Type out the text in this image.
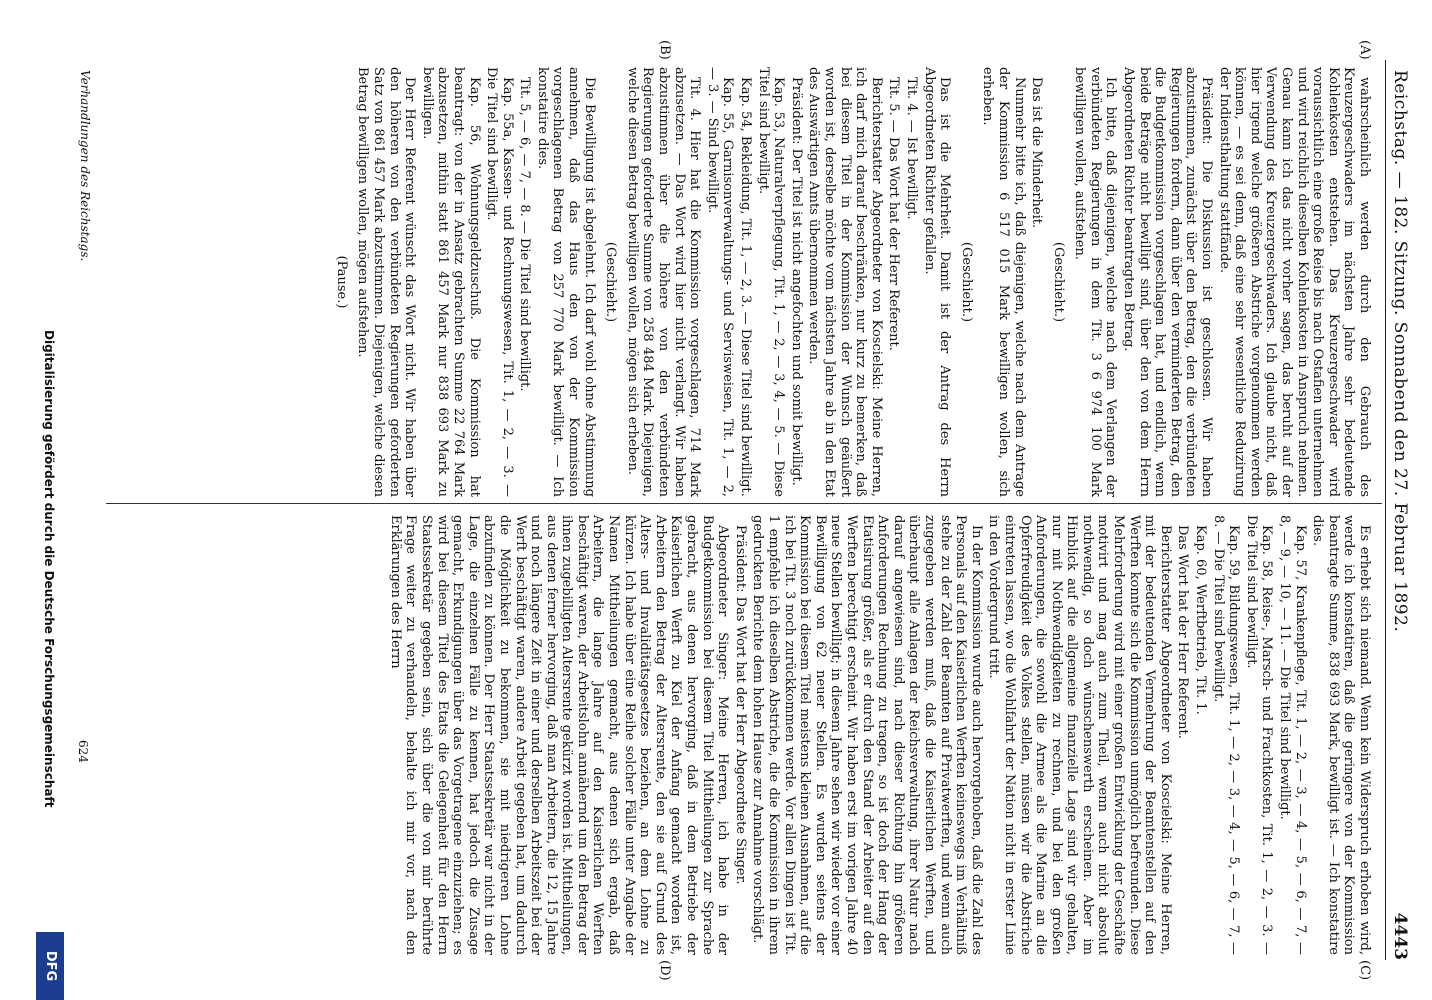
Reichstag. — 182. Sitzung. Sonnabend den 27. Februar 1892.
4443
(A)
(B)
(C)
(D)

wahrscheinlich werden durch den Gebrauch des Kreuzergeschwaders im nächsten Jahre sehr bedeutende Kohlenkosten entstehen. Das Kreuzergeschwader wird voraussichtlich eine große Reise bis nach Ostafien unternehmen und wird reichlich dieselben Kohlenkosten in Anspruch nehmen. Genau kann ich das nicht vorher sagen, das beruht auf der Verwendung des Kreuzergeschwaders. Ich glaube nicht, daß hier irgend welche größeren Abstriche vorgenommen werden können, — es sei denn, daß eine sehr wesentliche Reduzirung der Indiensthaltung stattfände.

Präsident: Die Diskussion ist geschlossen. Wir haben abzustimmen, zunächst über den Betrag, den die verbündeten Regierungen fordern, dann über den verminderten Betrag, den die Budgetkommission vorgeschlagen hat, und endlich, wenn beide Beträge nicht bewilligt sind, über den von dem Herrn Abgeordneten Richter beantragten Betrag.

Ich bitte, daß diejenigen, welche nach dem Verlangen der verbündeten Regierungen in dem Tit. 3 6 974 100 Mark bewilligen wollen, aufstehen.

(Geschieht.)

Das ist die Minderheit.

Nunmehr bitte ich, daß diejenigen, welche nach dem Antrage der Kommission 6 517 015 Mark bewilligen wollen, sich erheben.

(Geschieht.)

Das ist die Mehrheit. Damit ist der Antrag des Herrn Abgeordneten Richter gefallen.

Tit. 4. — Ist bewilligt.

Tit. 5. — Das Wort hat der Herr Referent.

Berichterstatter Abgeordneter von Koscielski: Meine Herren, ich darf mich darauf beschränken, nur kurz zu bemerken, daß bei diesem Titel in der Kommission der Wunsch geäußert worden ist, derselbe möchte vom nächsten Jahre ab in den Etat des Auswärtigen Amts übernommen werden.

Präsident: Der Titel ist nicht angefochten und somit bewilligt.

Kap. 53, Naturalverpflegung, Tit. 1, — 2, — 3, 4, — 5. — Diese Titel sind bewilligt.

Kap. 54, Bekleidung, Tit. 1, — 2, 3. — Diese Titel sind bewilligt.

Kap. 55, Garnisonverwaltungs- und Servisweisen, Tit. 1, — 2, — 3. — Sind bewilligt.

Tit. 4. Hier hat die Kommission vorgeschlagen, 714 Mark abzusetzen. — Das Wort wird hier nicht verlangt. Wir haben abzustimmen über die höhere von den verbündeten Regierungen geforderte Summe von 258 484 Mark. Diejenigen, welche diesen Betrag bewilligen wollen, mögen sich erheben.

(Geschieht.)

Die Bewilligung ist abgelehnt. Ich darf wohl ohne Abstimmung annehmen, daß das Haus den von der Kommission vorgeschlagenen Betrag von 257 770 Mark bewilligt. — Ich konstatire dies.

Tit. 5, — 6, — 7, — 8. — Die Titel sind bewilligt.

Kap. 55a, Kassen- und Rechnungswesen, Tit. 1, — 2, — 3. — Die Titel sind bewilligt.

Kap. 56, Wohnungsgeldzuschuß. Die Kommission hat beantragt: von der in Ansatz gebrachten Summe 22 764 Mark abzusetzen, mithin statt 861 457 Mark nur 838 693 Mark zu bewilligen.

Der Herr Referent wünscht das Wort nicht. Wir haben über den höheren von den verbündeten Regierungen geforderten Satz von 861 457 Mark abzustimmen. Diejenigen, welche diesen Betrag bewilligen wollen, mögen aufstehen.

(Pause.)

Es erhebt sich niemand. Wenn kein Widerspruch erhoben wird, werde ich konstatiren, daß die geringere von der Kommission beantragte Summe, 838 693 Mark, bewilligt ist. — Ich konstatire dies.

Kap. 57, Krankenpflege, Tit. 1, — 2, — 3, — 4, — 5, — 6, — 7, — 8, — 9, — 10, — 11. — Die Titel sind bewilligt.

Kap. 58, Reise-, Marsch- und Frachtkosten, Tit. 1, — 2, — 3. — Die Titel sind bewilligt.

Kap. 59, Bildungswesen, Tit. 1, — 2, — 3, — 4, — 5, — 6, — 7, — 8. — Die Titel sind bewilligt.

Kap. 60, Werftbetrieb, Tit. 1.

Das Wort hat der Herr Referent.

Berichterstatter Abgeordneter von Koscielski: Meine Herren, mit der bedeutenden Vermehrung der Beamtenstellen auf den Werften konnte sich die Kommission unmöglich befreunden. Diese Mehrforderung wird mit einer großen Entwicklung der Geschäfte motivirt und mag auch zum Theil, wenn auch nicht absolut nothwendig, so doch wünschenswerth erscheinen. Aber im Hinblick auf die allgemeine finanzielle Lage sind wir gehalten, nur mit Nothwendigkeiten zu rechnen, und bei den großen Anforderungen, die sowohl die Armee als die Marine an die Opferfreudigkeit des Volkes stellen, müssen wir die Abstriche eintreten lassen, wo die Wohlfahrt der Nation nicht in erster Linie in den Vordergrund tritt.

In der Kommission wurde auch hervorgehoben, daß die Zahl des Personals auf den Kaiserlichen Werften keineswegs im Verhältniß stehe zu der Zahl der Beamten auf Privatwerften, und wenn auch zugegeben werden muß, daß die Kaiserlichen Werften, und überhaupt alle Anlagen der Reichsverwaltung, ihrer Natur nach darauf angewiesen sind, nach dieser Richtung hin größeren Anforderungen Rechnung zu tragen, so ist doch der Hang der Etatisirung größer, als er durch den Stand der Arbeiter auf den Werften berechtigt erscheint. Wir haben erst im vorigen Jahre 40 neue Stellen bewilligt; in diesem Jahre sehen wir wieder vor einer Bewilligung von 62 neuer Stellen. Es wurden seitens der Kommission bei diesem Titel meistens kleinen Ausnahmen, auf die ich bei Tit. 3 noch zurückkommen werde. Vor allen Dingen ist Tit. 1 empfehle ich dieselben Abstriche, die die Kommission in ihrem gedruckten Berichte dem hohen Hause zur Annahme vorschlägt.

Präsident: Das Wort hat der Herr Abgeordnete Singer.

Abgeordneter Singer: Meine Herren, ich habe in der Budgetkommission bei diesem Titel Mittheilungen zur Sprache gebracht, aus denen hervorging, daß in dem Betriebe der Kaiserlichen Werft zu Kiel der Anfang gemacht worden ist, Arbeitern den Betrag der Altersrente, den sie auf Grund des Alters- und Invaliditätsgesetzes beziehen, an dem Lohne zu kürzen. Ich habe über eine Reihe solcher Fälle unter Angabe der Namen Mittheilungen gemacht, aus denen sich ergab, daß Arbeitern, die lange Jahre auf den Kaiserlichen Werften beschäftigt waren, der Arbeitslohn annähernd um den Betrag der ihnen zugebilligten Altersrente gekürzt worden ist. Mittheilungen, aus denen ferner hervorging, daß man Arbeitern, die 12, 15 Jahre und noch längere Zeit in einer und derselben Arbeitszeit bei der Werft beschäftigt waren, andere Arbeit gegeben hat, um dadurch die Möglichkeit zu bekommen, sie mit niedrigeren Lohne abzufinden zu können. Der Herr Staatssekretär war nicht in der Lage, die einzelnen Fälle zu kennen, hat jedoch die Zusage gemacht, Erkundigungen über das Vorgetragene einzuziehen; es wird bei diesem Titel des Etats die Gelegenheit für den Herrn Staatssekretär gegeben sein, sich über die von mir berührte Frage weiter zu verhandeln, behalte ich mir vor, nach den Erklärungen des Herrn

Verhandlungen des Reichstags.
624
Digitalisierung gefördert durch die Deutsche Forschungsgemeinschaft
DFG
